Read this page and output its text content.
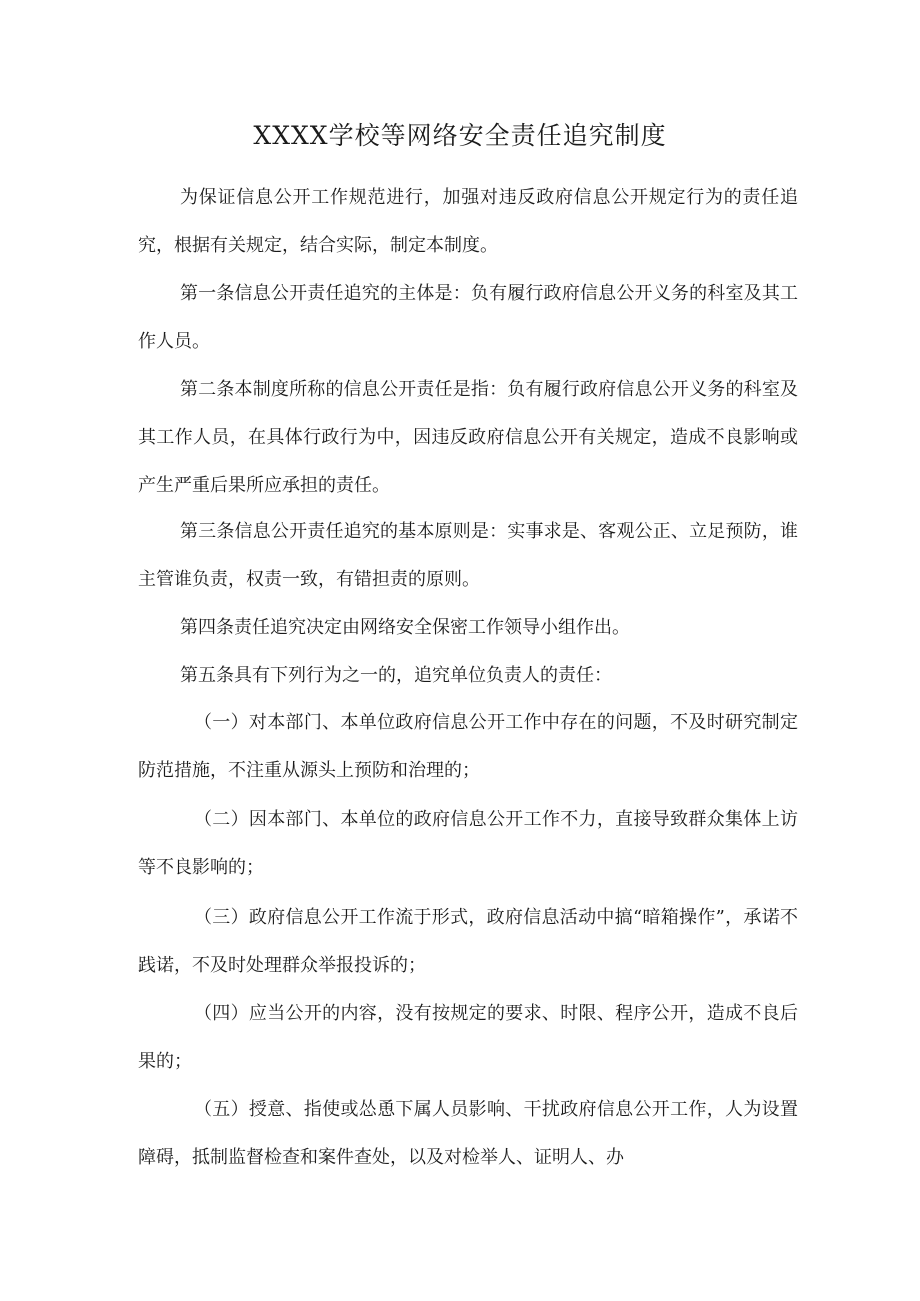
XXXX学校等网络安全责任追究制度

为保证信息公开工作规范进行，加强对违反政府信息公开规定行为的责任追究，根据有关规定，结合实际，制定本制度。

第一条信息公开责任追究的主体是：负有履行政府信息公开义务的科室及其工作人员。

第二条本制度所称的信息公开责任是指：负有履行政府信息公开义务的科室及其工作人员，在具体行政行为中，因违反政府信息公开有关规定，造成不良影响或产生严重后果所应承担的责任。

第三条信息公开责任追究的基本原则是：实事求是、客观公正、立足预防，谁主管谁负责，权责一致，有错担责的原则。

第四条责任追究决定由网络安全保密工作领导小组作出。

第五条具有下列行为之一的，追究单位负责人的责任：

（一）对本部门、本单位政府信息公开工作中存在的问题，不及时研究制定防范措施，不注重从源头上预防和治理的；

（二）因本部门、本单位的政府信息公开工作不力，直接导致群众集体上访等不良影响的；

（三）政府信息公开工作流于形式，政府信息活动中搞“暗箱操作”，承诺不践诺，不及时处理群众举报投诉的；

（四）应当公开的内容，没有按规定的要求、时限、程序公开，造成不良后果的；

（五）授意、指使或怂恿下属人员影响、干扰政府信息公开工作，人为设置障碍，抵制监督检查和案件查处，以及对检举人、证明人、办
